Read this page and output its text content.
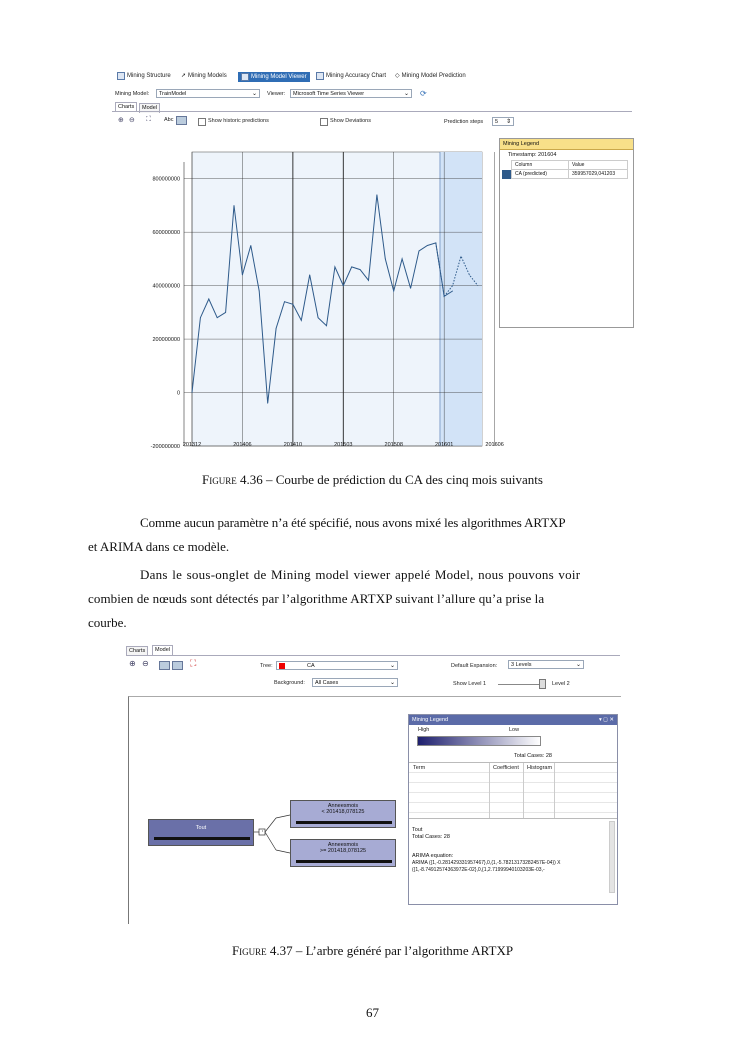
Mining Structure ➚ Mining Models	Mining Model Viewer	Mining Accuracy Chart ◇ Mining Model Prediction
Mining Model:	TrainModel	⌄ Viewer:	Microsoft Time Series Viewer	⌄ ⟳
Charts	Model
⊕ ⊖ ⛶ Abc	Show historic predictions	Show Deviations	Prediction steps	5 ⇕
800000000
600000000
400000000
200000000
0
-200000000 201312	201406	201410	201503	201508	201601	201606
Mining Legend
Timestamp: 201604
	Column	Value
	CA (predicted)	359957029,041203
Figure 4.36 – Courbe de prédiction du CA des cinq mois suivants
Comme aucun paramètre n’a été spécifié, nous avons mixé les algorithmes ARTXP
et ARIMA dans ce modèle.
Dans le sous-onglet de Mining model viewer appelé Model, nous pouvons voir
combien de nœuds sont détectés par l’algorithme ARTXP suivant l’allure qu’a prise la
courbe.
Charts	Model
⊕ ⊖	⛶	Tree:	CA	⌄
Background:	All Cases	⌄
Default Expansion:	3 Levels	⌄
Show Level 1	Level 2
Tout
Anneesmois
< 201418,078125
Anneesmois
>= 201418,078125
Mining Legend	▾ ◻ ✕
High	Low
Total Cases: 28
Term	Coefficient Histogram
Tout
Total Cases: 28
ARIMA equation:
ARIMA ({1,-0.281429331957467},0,{1,-5.78213173282457E-04}) X
({1,-8.74912574363972E-02},0,{1,2.71999940103203E-03,-
Figure 4.37 – L’arbre généré par l’algorithme ARTXP
67
